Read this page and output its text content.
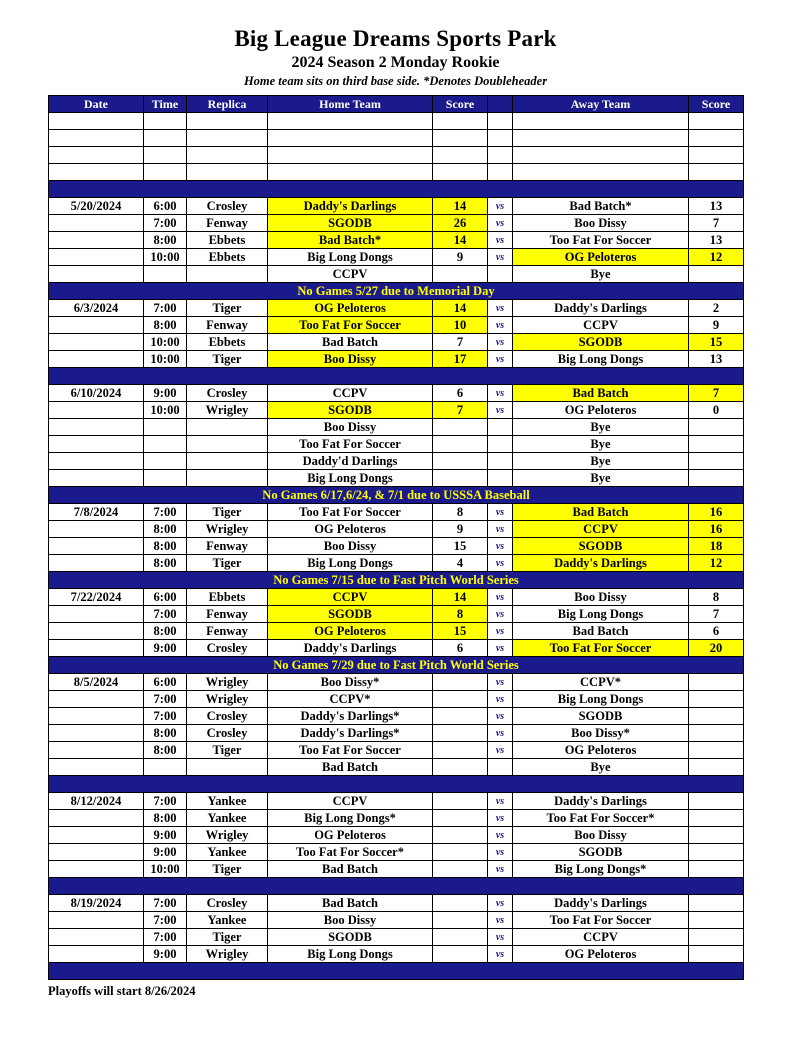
Big League Dreams Sports Park
2024 Season 2 Monday Rookie
Home team sits on third base side. *Denotes Doubleheader
Date	Time	Replica	Home Team	Score		Away Team	Score

5/20/2024	6:00	Crosley	Daddy's Darlings	14	vs	Bad Batch*	13
	7:00	Fenway	SGODB	26	vs	Boo Dissy	7
	8:00	Ebbets	Bad Batch*	14	vs	Too Fat For Soccer	13
	10:00	Ebbets	Big Long Dongs	9	vs	OG Peloteros	12
			CCPV			Bye	
No Games 5/27 due to Memorial Day							
6/3/2024	7:00	Tiger	OG Peloteros	14	vs	Daddy's Darlings	2
	8:00	Fenway	Too Fat For Soccer	10	vs	CCPV	9
	10:00	Ebbets	Bad Batch	7	vs	SGODB	15
	10:00	Tiger	Boo Dissy	17	vs	Big Long Dongs	13

6/10/2024	9:00	Crosley	CCPV	6	vs	Bad Batch	7
	10:00	Wrigley	SGODB	7	vs	OG Peloteros	0
			Boo Dissy			Bye	
			Too Fat For Soccer			Bye	
			Daddy'd Darlings			Bye	
			Big Long Dongs			Bye	
No Games 6/17,6/24, & 7/1 due to USSSA Baseball							
7/8/2024	7:00	Tiger	Too Fat For Soccer	8	vs	Bad Batch	16
	8:00	Wrigley	OG Peloteros	9	vs	CCPV	16
	8:00	Fenway	Boo Dissy	15	vs	SGODB	18
	8:00	Tiger	Big Long Dongs	4	vs	Daddy's Darlings	12
No Games 7/15 due to Fast Pitch World Series							
7/22/2024	6:00	Ebbets	CCPV	14	vs	Boo Dissy	8
	7:00	Fenway	SGODB	8	vs	Big Long Dongs	7
	8:00	Fenway	OG Peloteros	15	vs	Bad Batch	6
	9:00	Crosley	Daddy's Darlings	6	vs	Too Fat For Soccer	20
No Games 7/29 due to Fast Pitch World Series							
8/5/2024	6:00	Wrigley	Boo Dissy*		vs	CCPV*	
	7:00	Wrigley	CCPV*		vs	Big Long Dongs	
	7:00	Crosley	Daddy's Darlings*		vs	SGODB	
	8:00	Crosley	Daddy's Darlings*		vs	Boo Dissy*	
	8:00	Tiger	Too Fat For Soccer		vs	OG Peloteros	
			Bad Batch			Bye	

8/12/2024	7:00	Yankee	CCPV		vs	Daddy's Darlings	
	8:00	Yankee	Big Long Dongs*		vs	Too Fat For Soccer*	
	9:00	Wrigley	OG Peloteros		vs	Boo Dissy	
	9:00	Yankee	Too Fat For Soccer*		vs	SGODB	
	10:00	Tiger	Bad Batch		vs	Big Long Dongs*	

8/19/2024	7:00	Crosley	Bad Batch		vs	Daddy's Darlings	
	7:00	Yankee	Boo Dissy		vs	Too Fat For Soccer	
	7:00	Tiger	SGODB		vs	CCPV	
	9:00	Wrigley	Big Long Dongs		vs	OG Peloteros	

Playoffs will start 8/26/2024
